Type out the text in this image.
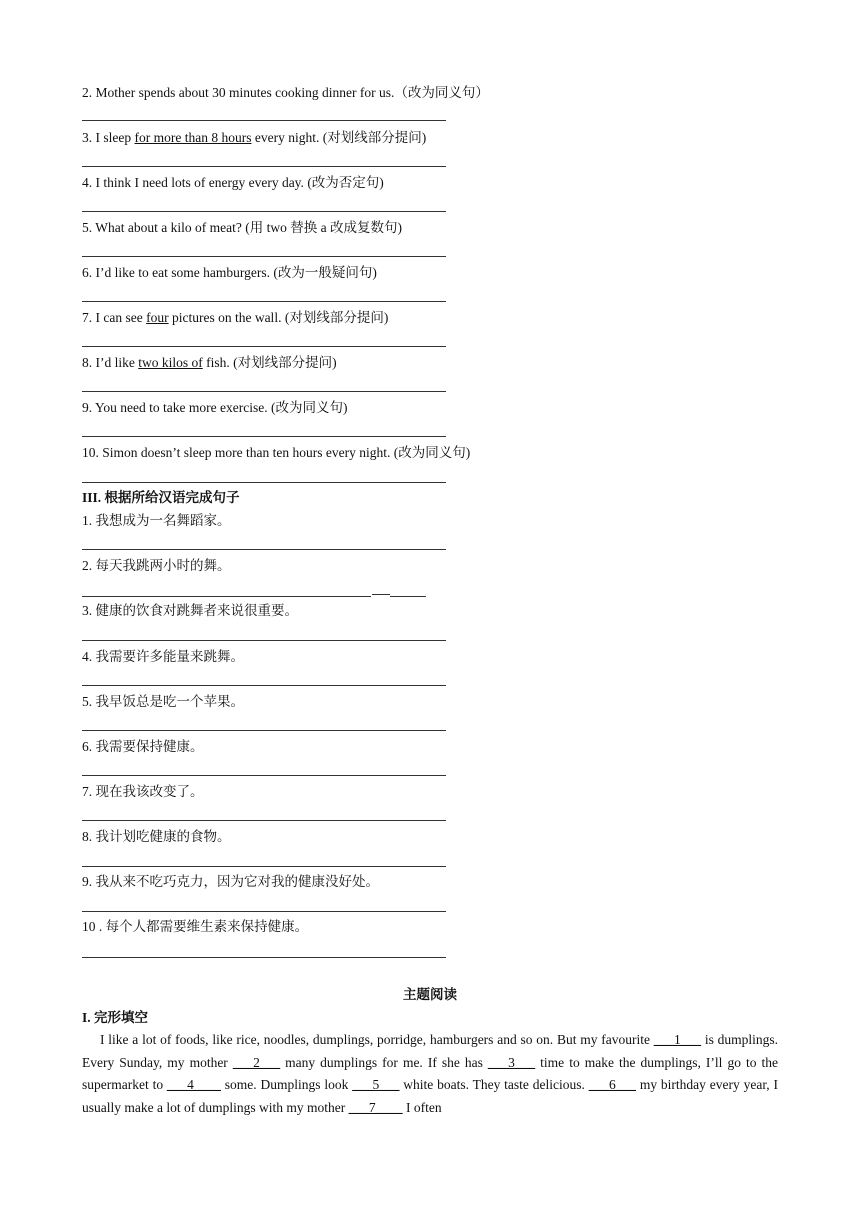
2. Mother spends about 30 minutes cooking dinner for us.（改为同义句）
3. I sleep for more than 8 hours every night. (对划线部分提问)
4. I think I need lots of energy every day. (改为否定句)
5. What about a kilo of meat? (用 two 替换 a 改成复数句)
6. I’d like to eat some hamburgers. (改为一般疑问句)
7. I can see four pictures on the wall. (对划线部分提问)
8. I’d like two kilos of fish. (对划线部分提问)
9. You need to take more exercise. (改为同义句)
10. Simon doesn’t sleep more than ten hours every night. (改为同义句)
III. 根据所给汉语完成句子
1. 我想成为一名舞蹈家。
2. 每天我跳两小时的舞。
3. 健康的饮食对跳舞者来说很重要。
4. 我需要许多能量来跳舞。
5. 我早饭总是吃一个苹果。
6. 我需要保持健康。
7. 现在我该改变了。
8. 我计划吃健康的食物。
9. 我从来不吃巧克力，因为它对我的健康没好处。
10 . 每个人都需要维生素来保持健康。
主题阅读
I. 完形填空
I like a lot of foods, like rice, noodles, dumplings, porridge, hamburgers and so on. But my favourite ___1___ is dumplings. Every Sunday, my mother ___2___ many dumplings for me. If she has ___3___ time to make the dumplings, I’ll go to the supermarket to ___4____ some. Dumplings look ___5___ white boats. They taste delicious. ___6___ my birthday every year, I usually make a lot of dumplings with my mother ___7____ I often
